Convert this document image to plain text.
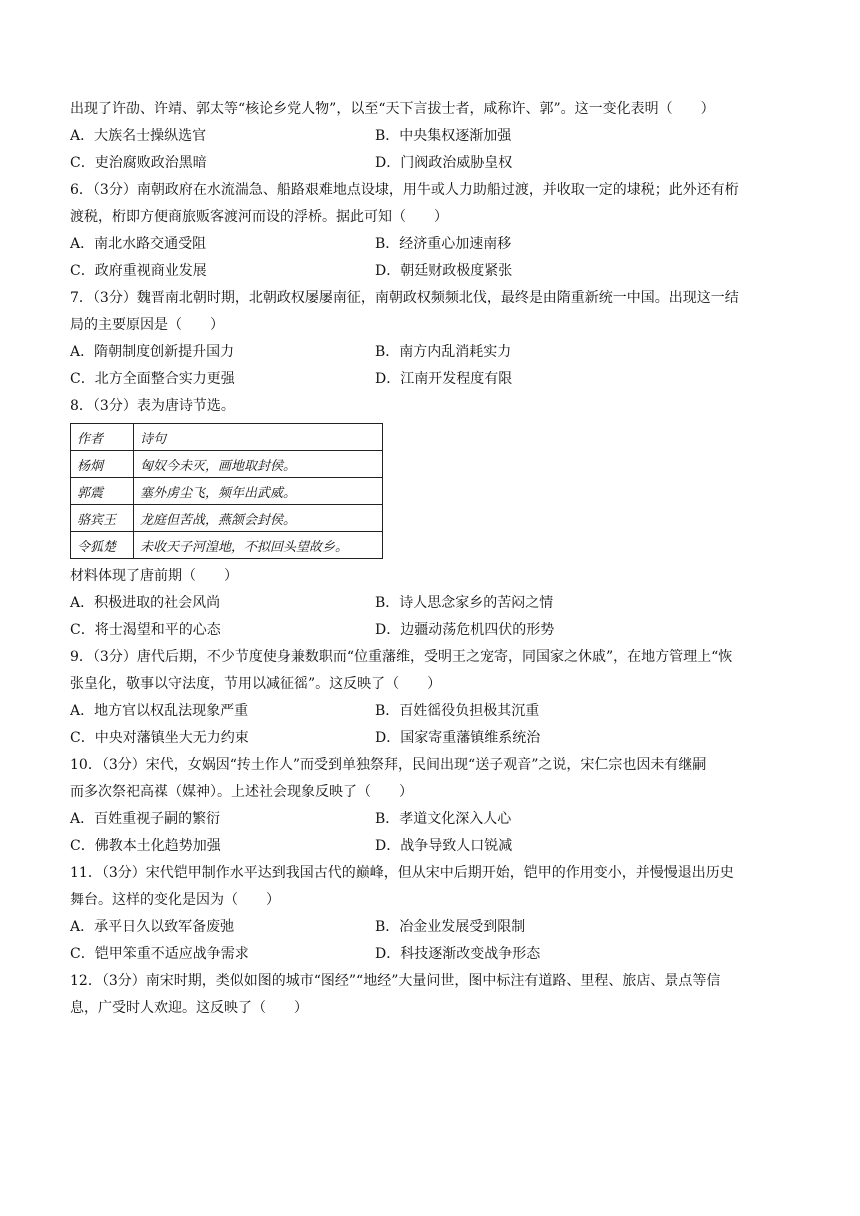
出现了许劭、许靖、郭太等“核论乡党人物”，以至“天下言拔士者，咸称许、郭”。这一变化表明（　　）
A．大族名士操纵选官	B．中央集权逐渐加强
C．吏治腐败政治黑暗	D．门阀政治威胁皇权
6．（3分）南朝政府在水流湍急、船路艰难地点设埭，用牛或人力助船过渡，并收取一定的埭税；此外还有桁
渡税，桁即方便商旅贩客渡河而设的浮桥。据此可知（　　）
A．南北水路交通受阻	B．经济重心加速南移
C．政府重视商业发展	D．朝廷财政极度紧张
7．（3分）魏晋南北朝时期，北朝政权屡屡南征，南朝政权频频北伐，最终是由隋重新统一中国。出现这一结
局的主要原因是（　　）
A．隋朝制度创新提升国力	B．南方内乱消耗实力
C．北方全面整合实力更强	D．江南开发程度有限
8．（3分）表为唐诗节选。
作者	诗句
杨炯	匈奴今未灭，画地取封侯。
郭震	塞外虏尘飞，频年出武威。
骆宾王	龙庭但苦战，燕颔会封侯。
令狐楚	未收天子河湟地，不拟回头望故乡。
材料体现了唐前期（　　）
A．积极进取的社会风尚	B．诗人思念家乡的苦闷之情
C．将士渴望和平的心态	D．边疆动荡危机四伏的形势
9．（3分）唐代后期，不少节度使身兼数职而“位重藩维，受明王之宠寄，同国家之休戚”，在地方管理上“恢
张皇化，敬事以守法度，节用以减征徭”。这反映了（　　）
A．地方官以权乱法现象严重	B．百姓徭役负担极其沉重
C．中央对藩镇坐大无力约束	D．国家寄重藩镇维系统治
10．（3分）宋代，女娲因“抟土作人”而受到单独祭拜，民间出现“送子观音”之说，宋仁宗也因未有继嗣
而多次祭祀高禖（媒神）。上述社会现象反映了（　　）
A．百姓重视子嗣的繁衍	B．孝道文化深入人心
C．佛教本土化趋势加强	D．战争导致人口锐减
11．（3分）宋代铠甲制作水平达到我国古代的巅峰，但从宋中后期开始，铠甲的作用变小，并慢慢退出历史
舞台。这样的变化是因为（　　）
A．承平日久以致军备废弛	B．冶金业发展受到限制
C．铠甲笨重不适应战争需求	D．科技逐渐改变战争形态
12．（3分）南宋时期，类似如图的城市“图经”“地经”大量问世，图中标注有道路、里程、旅店、景点等信
息，广受时人欢迎。这反映了（　　）
